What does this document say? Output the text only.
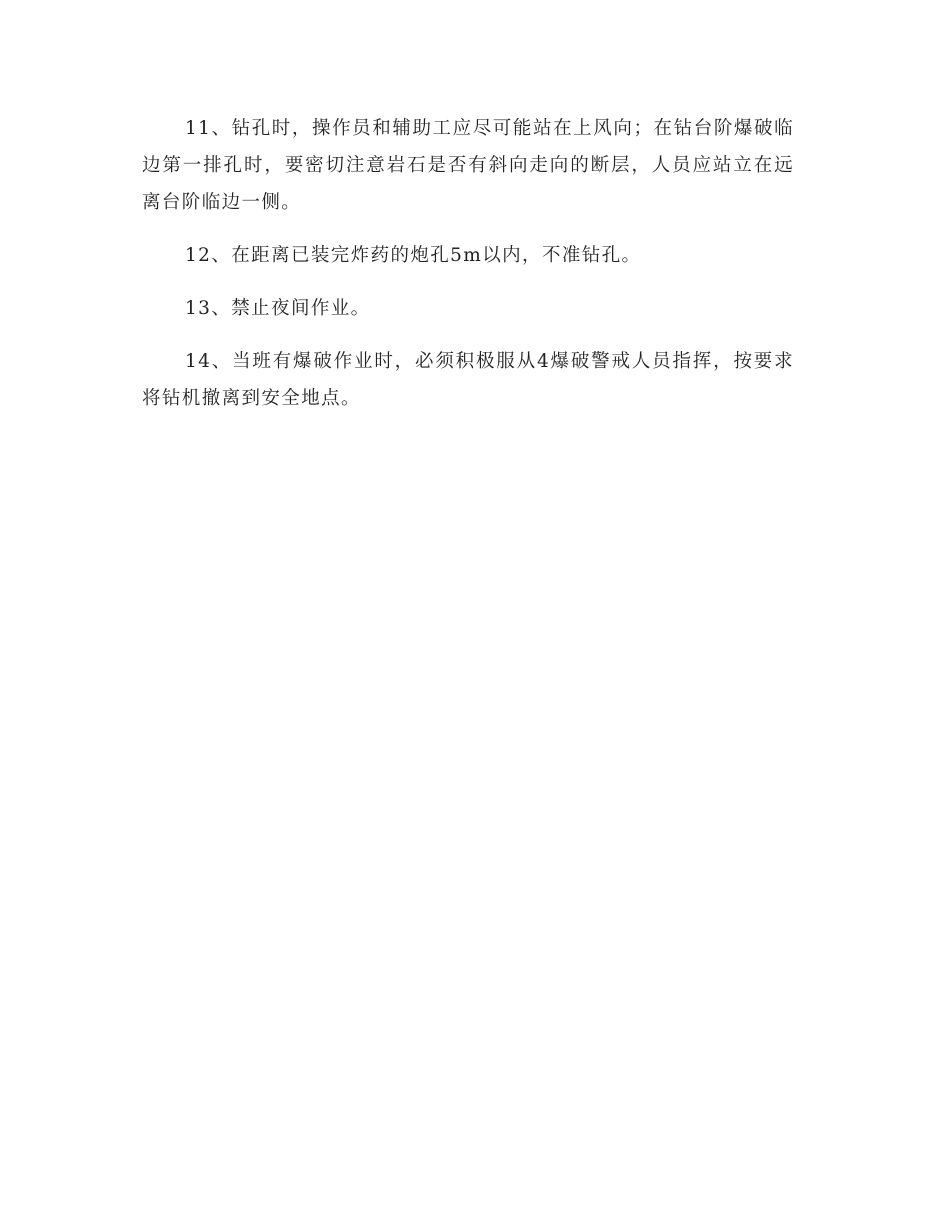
11、钻孔时，操作员和辅助工应尽可能站在上风向；在钻台阶爆破临边第一排孔时，要密切注意岩石是否有斜向走向的断层，人员应站立在远离台阶临边一侧。

12、在距离已装完炸药的炮孔5m以内，不准钻孔。

13、禁止夜间作业。

14、当班有爆破作业时，必须积极服从4爆破警戒人员指挥，按要求将钻机撤离到安全地点。
